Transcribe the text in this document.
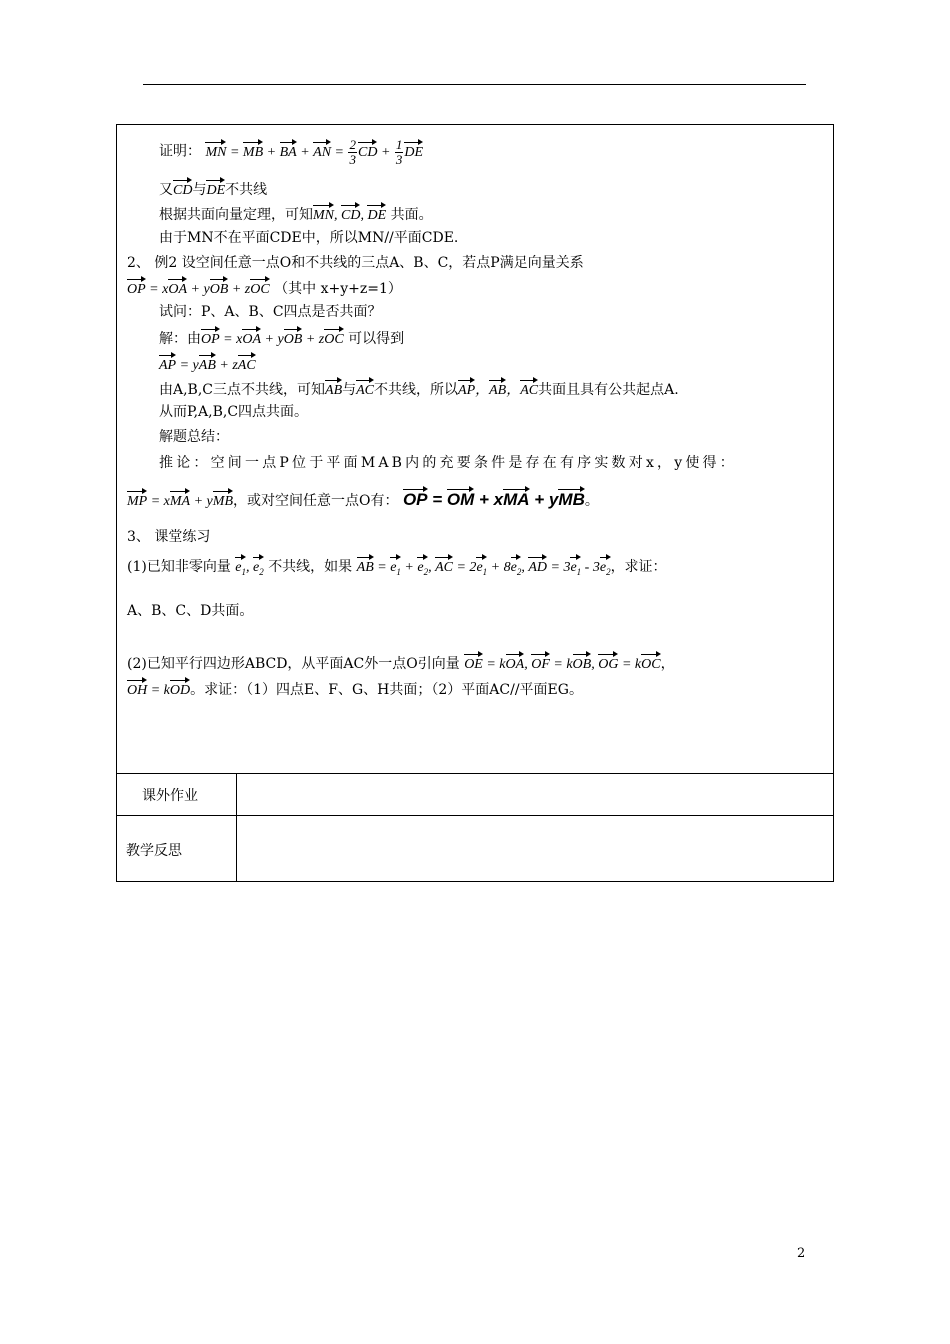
证明： MN = MB + BA + AN = $\frac{2}{3}$ CD + $\frac{1}{3}$ DE
又CD与DE不共线
根据共面向量定理，可知MN, CD, DE 共面。
由于MN不在平面CDE中，所以MN//平面CDE.
2、 例2 设空间任意一点O和不共线的三点A、B、C，若点P满足向量关系
OP = xOA + yOB + zOC （其中 x+y+z=1）
试问：P、A、B、C四点是否共面？
解：由OP = xOA + yOB + zOC 可以得到
AP = yAB + zAC
由A,B,C三点不共线，可知AB与AC不共线，所以AP，AB，AC共面且具有公共起点A.
从而P,A,B,C四点共面。
解题总结：
推论：空间一点P位于平面MAB内的充要条件是存在有序实数对x，y使得：
MP = xMA + yMB，或对空间任意一点O有： OP = OM + xMA + yMB。
3、 课堂练习
(1)已知非零向量 $e_1$, $e_2$ 不共线，如果 AB = $e_1 + e_2$, AC = $2e_1 + 8e_2$, AD = $3e_1 - 3e_2$，求证：
A、B、C、D共面。
(2)已知平行四边形ABCD，从平面AC外一点O引向量 OE = kOA, OF = kOB, OG = kOC，
OH = kOD。求证：（1）四点E、F、G、H共面；（2）平面AC//平面EG。
课外作业
教学反思
2
